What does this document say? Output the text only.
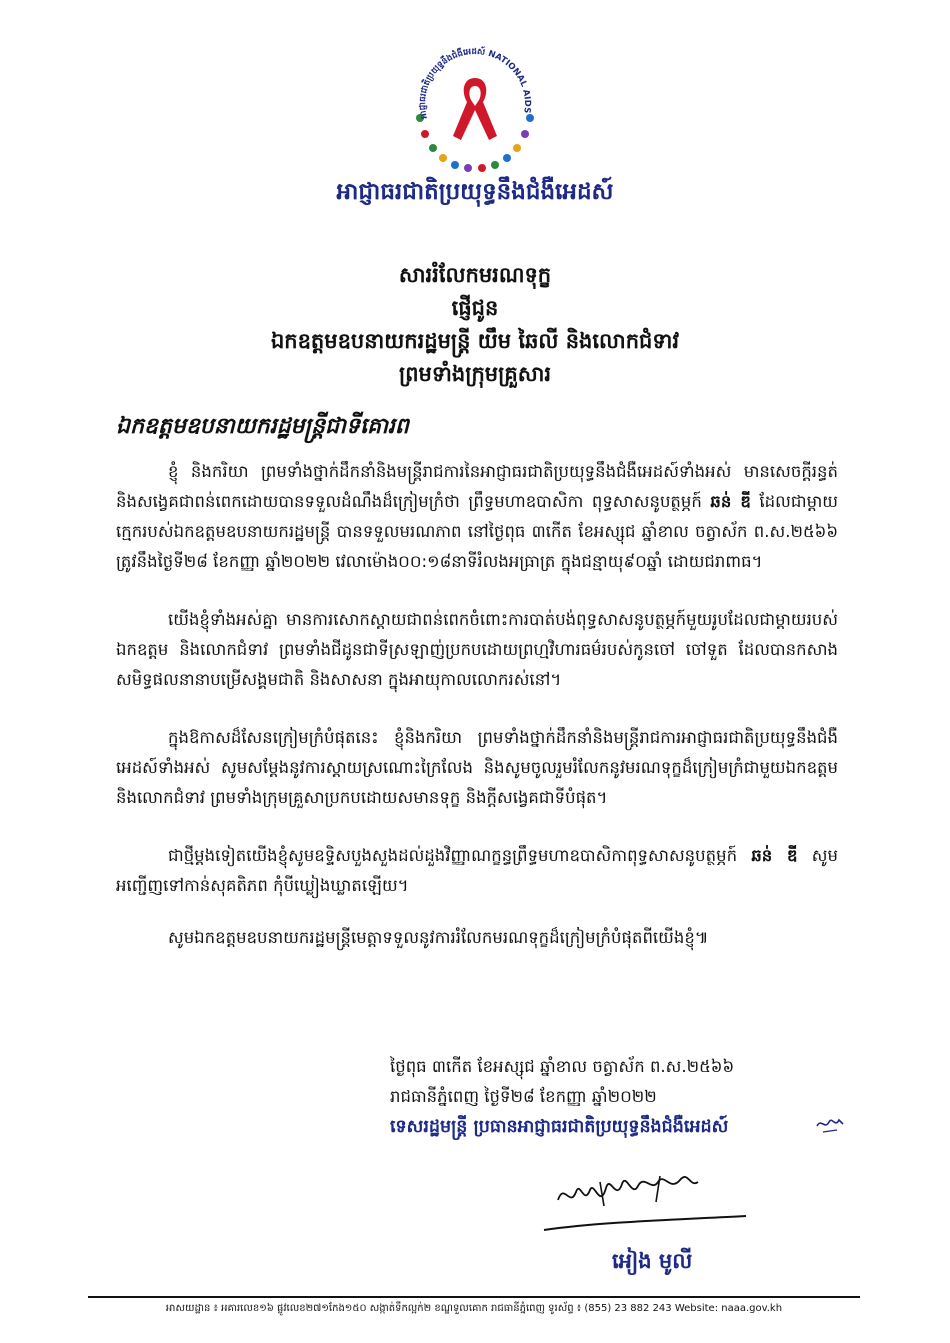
អាជ្ញាធរជាតិប្រយុទ្ធនឹងជំងឺអេដស៍ NATIONAL AIDS
អាជ្ញាធរជាតិប្រយុទ្ធនឹងជំងឺអេដស៍
សាររំលែកមរណទុក្ខ
ផ្ញើជូន
ឯកឧត្តមឧបនាយករដ្ឋមន្ត្រី យឹម ឆៃលី និងលោកជំទាវ
ព្រមទាំងក្រុមគ្រួសារ
ឯកឧត្តមឧបនាយករដ្ឋមន្ត្រីជាទីគោរព

ខ្ញុំ និងករិយា ព្រមទាំងថ្នាក់ដឹកនាំនិងមន្ត្រីរាជការនៃអាជ្ញាធរជាតិប្រយុទ្ធនឹងជំងឺអេដស៍ទាំងអស់ មានសេចក្តីរន្ធត់ និងសង្វេគជាពន់ពេកដោយបានទទួលដំណឹងដ៏ក្រៀមក្រំថា ព្រឹទ្ធមហាឧបាសិកា ពុទ្ធសាសនូបត្ថម្ភក៍ ឆន់ ឌី ដែលជាម្តាយក្មេករបស់ឯកឧត្តមឧបនាយករដ្ឋមន្ត្រី បានទទួលមរណភាព នៅថ្ងៃពុធ ៣កើត ខែអស្សុជ ឆ្នាំខាល ចត្វាស័ក ព.ស.២៥៦៦ ត្រូវនឹងថ្ងៃទី២៨ ខែកញ្ញា ឆ្នាំ២០២២ វេលាម៉ោង០០:១៨នាទីរំលងអធ្រាត្រ ក្នុងជន្មាយុ៩០ឆ្នាំ ដោយជរាពាធ។

យើងខ្ញុំទាំងអស់គ្នា មានការសោកស្តាយជាពន់ពេកចំពោះការបាត់បង់ពុទ្ធសាសនូបត្ថម្ភក៍មួយរូបដែលជាម្តាយរបស់ឯកឧត្តម និងលោកជំទាវ ព្រមទាំងជីដូនជាទីស្រឡាញ់ប្រកបដោយព្រហ្មវិហារធម៌របស់កូនចៅ ចៅទួត ដែលបានកសាងសមិទ្ធផលនានាបម្រើសង្គមជាតិ និងសាសនា ក្នុងអាយុកាលលោករស់នៅ។

ក្នុងឱកាសដ៏សែនក្រៀមក្រំបំផុតនេះ ខ្ញុំនិងករិយា ព្រមទាំងថ្នាក់ដឹកនាំនិងមន្ត្រីរាជការអាជ្ញាធរជាតិប្រយុទ្ធនឹងជំងឺអេដស៍ទាំងអស់ សូមសម្តែងនូវការស្តាយស្រណោះក្រៃលែង និងសូមចូលរួមរំលែកនូវមរណទុក្ខដ៏ក្រៀមក្រំជាមួយឯកឧត្តម និងលោកជំទាវ ព្រមទាំងក្រុមគ្រួសាប្រកបដោយសមានទុក្ខ និងក្តីសង្វេគជាទីបំផុត។

ជាថ្មីម្តងទៀតយើងខ្ញុំសូមឧទ្ទិសបួងសួងដល់ដួងវិញ្ញាណក្ខន្ធព្រឹទ្ធមហាឧបាសិកាពុទ្ធសាសនូបត្ថម្ភក៍ ឆន់ ឌី សូមអញ្ជើញទៅកាន់សុគតិភព កុំបីឃ្លៀងឃ្លាតឡើយ។

សូមឯកឧត្តមឧបនាយករដ្ឋមន្ត្រីមេត្តាទទួលនូវការរំលែកមរណទុក្ខដ៏ក្រៀមក្រំបំផុតពីយើងខ្ញុំ៕

ថ្ងៃពុធ ៣កើត ខែអស្សុជ ឆ្នាំខាល ចត្វាស័ក ព.ស.២៥៦៦
រាជធានីភ្នំពេញ ថ្ងៃទី២៨ ខែកញ្ញា ឆ្នាំ២០២២
ទេសរដ្ឋមន្ត្រី ប្រធានអាជ្ញាធរជាតិប្រយុទ្ធនឹងជំងឺអេដស៍
អៀង មូលី
អាសយដ្ឋាន ៖ អគារលេខ១៦ ផ្លូវលេខ២៧១កែង១៥០ សង្កាត់ទឹកល្អក់២ ខណ្ឌទួលគោក រាជធានីភ្នំពេញ ទូរស័ព្ទ ៖ (855) 23 882 243 Website: naaa.gov.kh
